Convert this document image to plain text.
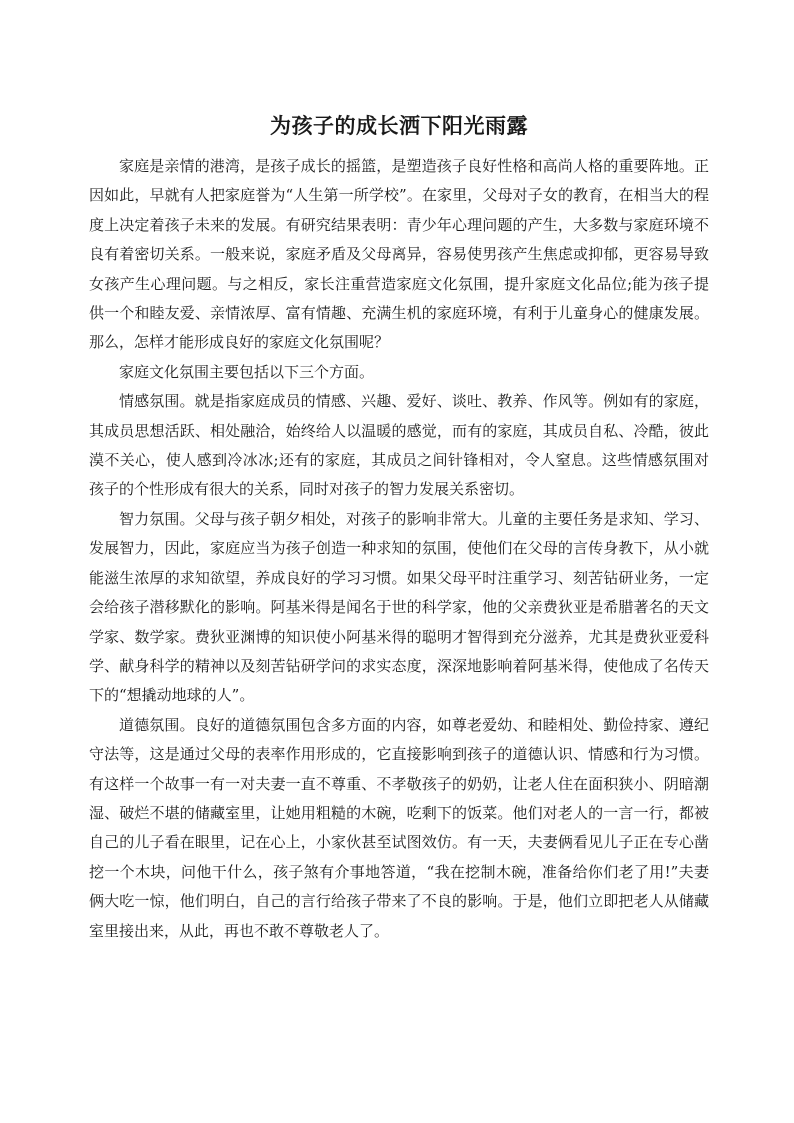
为孩子的成长洒下阳光雨露

家庭是亲情的港湾，是孩子成长的摇篮，是塑造孩子良好性格和高尚人格的重要阵地。正因如此，早就有人把家庭誉为“人生第一所学校”。在家里，父母对子女的教育，在相当大的程度上决定着孩子未来的发展。有研究结果表明：青少年心理问题的产生，大多数与家庭环境不良有着密切关系。一般来说，家庭矛盾及父母离异，容易使男孩产生焦虑或抑郁，更容易导致女孩产生心理问题。与之相反，家长注重营造家庭文化氛围，提升家庭文化品位;能为孩子提供一个和睦友爱、亲情浓厚、富有情趣、充满生机的家庭环境，有利于儿童身心的健康发展。那么，怎样才能形成良好的家庭文化氛围呢？

家庭文化氛围主要包括以下三个方面。

情感氛围。就是指家庭成员的情感、兴趣、爱好、谈吐、教养、作风等。例如有的家庭，其成员思想活跃、相处融洽，始终给人以温暖的感觉，而有的家庭，其成员自私、冷酷，彼此漠不关心，使人感到冷冰冰;还有的家庭，其成员之间针锋相对，令人窒息。这些情感氛围对孩子的个性形成有很大的关系，同时对孩子的智力发展关系密切。

智力氛围。父母与孩子朝夕相处，对孩子的影响非常大。儿童的主要任务是求知、学习、发展智力，因此，家庭应当为孩子创造一种求知的氛围，使他们在父母的言传身教下，从小就能滋生浓厚的求知欲望，养成良好的学习习惯。如果父母平时注重学习、刻苦钻研业务，一定会给孩子潜移默化的影响。阿基米得是闻名于世的科学家，他的父亲费狄亚是希腊著名的天文学家、数学家。费狄亚渊博的知识使小阿基米得的聪明才智得到充分滋养，尤其是费狄亚爱科学、献身科学的精神以及刻苦钻研学问的求实态度，深深地影响着阿基米得，使他成了名传天下的“想撬动地球的人”。

道德氛围。良好的道德氛围包含多方面的内容，如尊老爱幼、和睦相处、勤俭持家、遵纪守法等，这是通过父母的表率作用形成的，它直接影响到孩子的道德认识、情感和行为习惯。有这样一个故事一有一对夫妻一直不尊重、不孝敬孩子的奶奶，让老人住在面积狭小、阴暗潮湿、破烂不堪的储藏室里，让她用粗糙的木碗，吃剩下的饭菜。他们对老人的一言一行，都被自己的儿子看在眼里，记在心上，小家伙甚至试图效仿。有一天，夫妻俩看见儿子正在专心凿挖一个木块，问他干什么，孩子煞有介事地答道，“我在挖制木碗，准备给你们老了用!”夫妻俩大吃一惊，他们明白，自己的言行给孩子带来了不良的影响。于是，他们立即把老人从储藏室里接出来，从此，再也不敢不尊敬老人了。
